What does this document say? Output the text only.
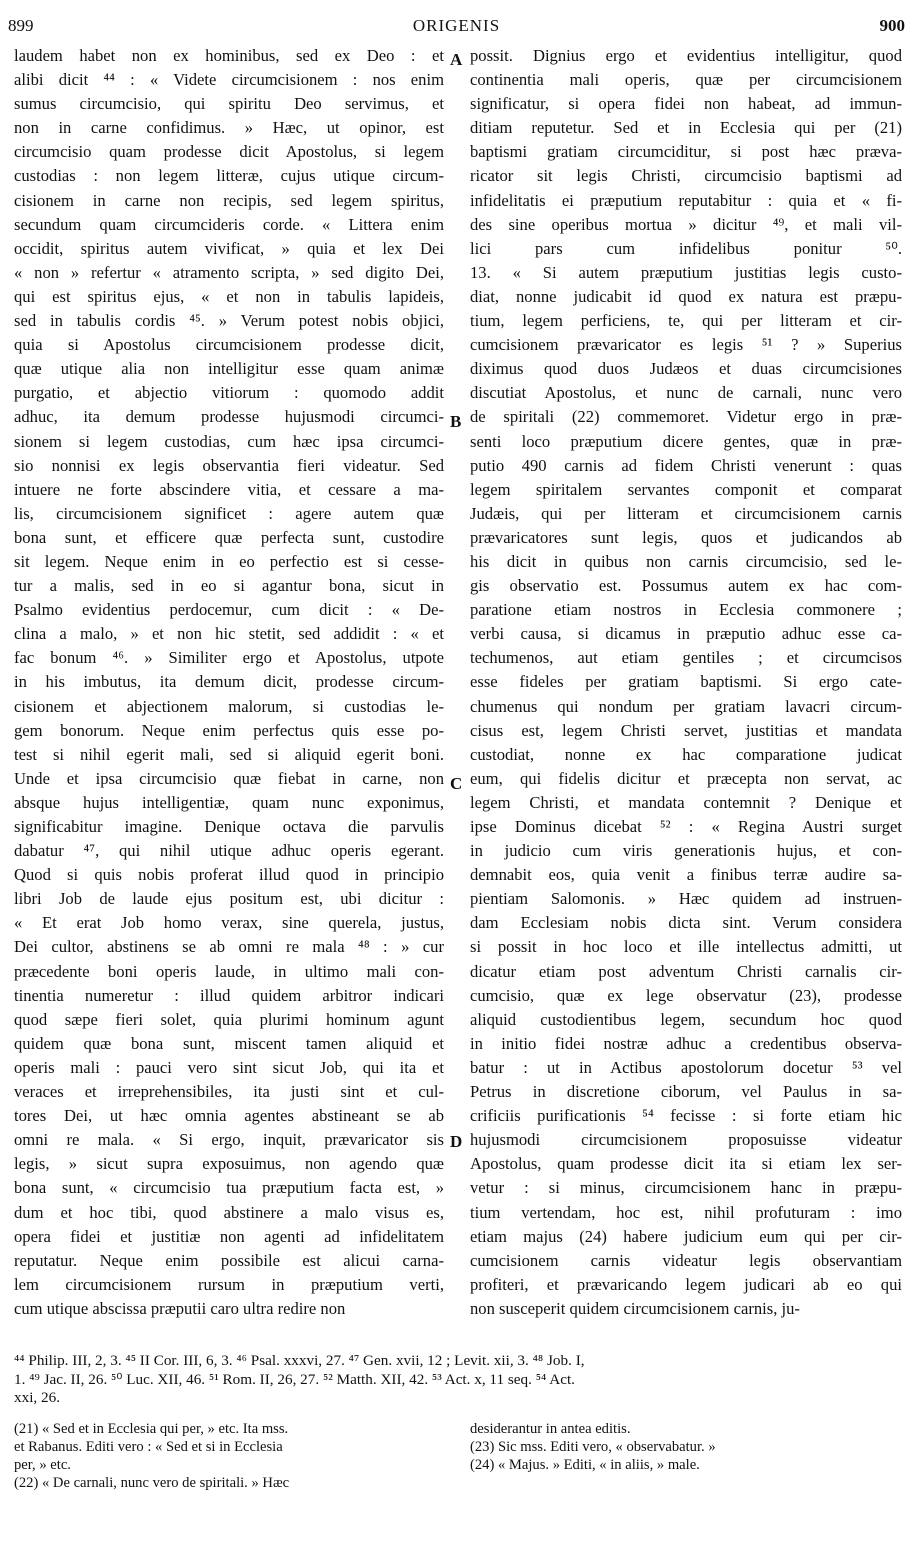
899	ORIGENIS	900
laudem habet non ex hominibus, sed ex Deo : et
alibi dicit ⁴⁴ : « Videte circumcisionem : nos enim
sumus circumcisio, qui spiritu Deo servimus, et
non in carne confidimus. » Hæc, ut opinor, est
circumcisio quam prodesse dicit Apostolus, si legem
custodias : non legem litteræ, cujus utique circum-
cisionem in carne non recipis, sed legem spiritus,
secundum quam circumcideris corde. « Littera enim
occidit, spiritus autem vivificat, » quia et lex Dei
« non » refertur « atramento scripta, » sed digito Dei,
qui est spiritus ejus, « et non in tabulis lapideis,
sed in tabulis cordis ⁴⁵. » Verum potest nobis objici,
quia si Apostolus circumcisionem prodesse dicit,
quæ utique alia non intelligitur esse quam animæ
purgatio, et abjectio vitiorum : quomodo addit
adhuc, ita demum prodesse hujusmodi circumci-
sionem si legem custodias, cum hæc ipsa circumci-
sio nonnisi ex legis observantia fieri videatur. Sed
intuere ne forte abscindere vitia, et cessare a ma-
lis, circumcisionem significet : agere autem quæ
bona sunt, et efficere quæ perfecta sunt, custodire
sit legem. Neque enim in eo perfectio est si cesse-
tur a malis, sed in eo si agantur bona, sicut in
Psalmo evidentius perdocemur, cum dicit : « De-
clina a malo, » et non hic stetit, sed addidit : « et
fac bonum ⁴⁶. » Similiter ergo et Apostolus, utpote
in his imbutus, ita demum dicit, prodesse circum-
cisionem et abjectionem malorum, si custodias le-
gem bonorum. Neque enim perfectus quis esse po-
test si nihil egerit mali, sed si aliquid egerit boni.
Unde et ipsa circumcisio quæ fiebat in carne, non
absque hujus intelligentiæ, quam nunc exponimus,
significabitur imagine. Denique octava die parvulis
dabatur ⁴⁷, qui nihil utique adhuc operis egerant.
Quod si quis nobis proferat illud quod in principio
libri Job de laude ejus positum est, ubi dicitur :
« Et erat Job homo verax, sine querela, justus,
Dei cultor, abstinens se ab omni re mala ⁴⁸ : » cur
præcedente boni operis laude, in ultimo mali con-
tinentia numeretur : illud quidem arbitror indicari
quod sæpe fieri solet, quia plurimi hominum agunt
quidem quæ bona sunt, miscent tamen aliquid et
operis mali : pauci vero sint sicut Job, qui ita et
veraces et irreprehensibiles, ita justi sint et cul-
tores Dei, ut hæc omnia agentes abstineant se ab
omni re mala. « Si ergo, inquit, prævaricator sis
legis, » sicut supra exposuimus, non agendo quæ
bona sunt, « circumcisio tua præputium facta est, »
dum et hoc tibi, quod abstinere a malo visus es,
opera fidei et justitiæ non agenti ad infidelitatem
reputatur. Neque enim possibile est alicui carna-
lem circumcisionem rursum in præputium verti,
cum utique abscissa præputii caro ultra redire non
possit. Dignius ergo et evidentius intelligitur, quod
continentia mali operis, quæ per circumcisionem
significatur, si opera fidei non habeat, ad immun-
ditiam reputetur. Sed et in Ecclesia qui per (21)
baptismi gratiam circumciditur, si post hæc præva-
ricator sit legis Christi, circumcisio baptismi ad
infidelitatis ei præputium reputabitur : quia et « fi-
des sine operibus mortua » dicitur ⁴⁹, et mali vil-
lici pars cum infidelibus ponitur ⁵⁰.
13. « Si autem præputium justitias legis custo-
diat, nonne judicabit id quod ex natura est præpu-
tium, legem perficiens, te, qui per litteram et cir-
cumcisionem prævaricator es legis ⁵¹ ? » Superius
diximus quod duos Judæos et duas circumcisiones
discutiat Apostolus, et nunc de carnali, nunc vero
de spiritali (22) commemoret. Videtur ergo in præ-
senti loco præputium dicere gentes, quæ in præ-
putio 490 carnis ad fidem Christi venerunt : quas
legem spiritalem servantes componit et comparat
Judæis, qui per litteram et circumcisionem carnis
prævaricatores sunt legis, quos et judicandos ab
his dicit in quibus non carnis circumcisio, sed le-
gis observatio est. Possumus autem ex hac com-
paratione etiam nostros in Ecclesia commonere ;
verbi causa, si dicamus in præputio adhuc esse ca-
techumenos, aut etiam gentiles ; et circumcisos
esse fideles per gratiam baptismi. Si ergo cate-
chumenus qui nondum per gratiam lavacri circum-
cisus est, legem Christi servet, justitias et mandata
custodiat, nonne ex hac comparatione judicat
eum, qui fidelis dicitur et præcepta non servat, ac
legem Christi, et mandata contemnit ? Denique et
ipse Dominus dicebat ⁵² : « Regina Austri surget
in judicio cum viris generationis hujus, et con-
demnabit eos, quia venit a finibus terræ audire sa-
pientiam Salomonis. » Hæc quidem ad instruen-
dam Ecclesiam nobis dicta sint. Verum considera
si possit in hoc loco et ille intellectus admitti, ut
dicatur etiam post adventum Christi carnalis cir-
cumcisio, quæ ex lege observatur (23), prodesse
aliquid custodientibus legem, secundum hoc quod
in initio fidei nostræ adhuc a credentibus observa-
batur : ut in Actibus apostolorum docetur ⁵³ vel
Petrus in discretione ciborum, vel Paulus in sa-
crificiis purificationis ⁵⁴ fecisse : si forte etiam hic
hujusmodi circumcisionem proposuisse videatur
Apostolus, quam prodesse dicit ita si etiam lex ser-
vetur : si minus, circumcisionem hanc in præpu-
tium vertendam, hoc est, nihil profuturam : imo
etiam majus (24) habere judicium eum qui per cir-
cumcisionem carnis videatur legis observantiam
profiteri, et prævaricando legem judicari ab eo qui
non susceperit quidem circumcisionem carnis, ju-
A
B
C
D
⁴⁴ Philip. III, 2, 3. ⁴⁵ II Cor. III, 6, 3. ⁴⁶ Psal. xxxvi, 27. ⁴⁷ Gen. xvii, 12 ; Levit. xii, 3. ⁴⁸ Job. I,
1. ⁴⁹ Jac. II, 26. ⁵⁰ Luc. XII, 46. ⁵¹ Rom. II, 26, 27. ⁵² Matth. XII, 42. ⁵³ Act. x, 11 seq. ⁵⁴ Act.
xxi, 26.
(21) « Sed et in Ecclesia qui per, » etc. Ita mss.
et Rabanus. Editi vero : « Sed et si in Ecclesia
per, » etc.
(22) « De carnali, nunc vero de spiritali. » Hæc
desiderantur in antea editis.
(23) Sic mss. Editi vero, « observabatur. »
(24) « Majus. » Editi, « in aliis, » male.
